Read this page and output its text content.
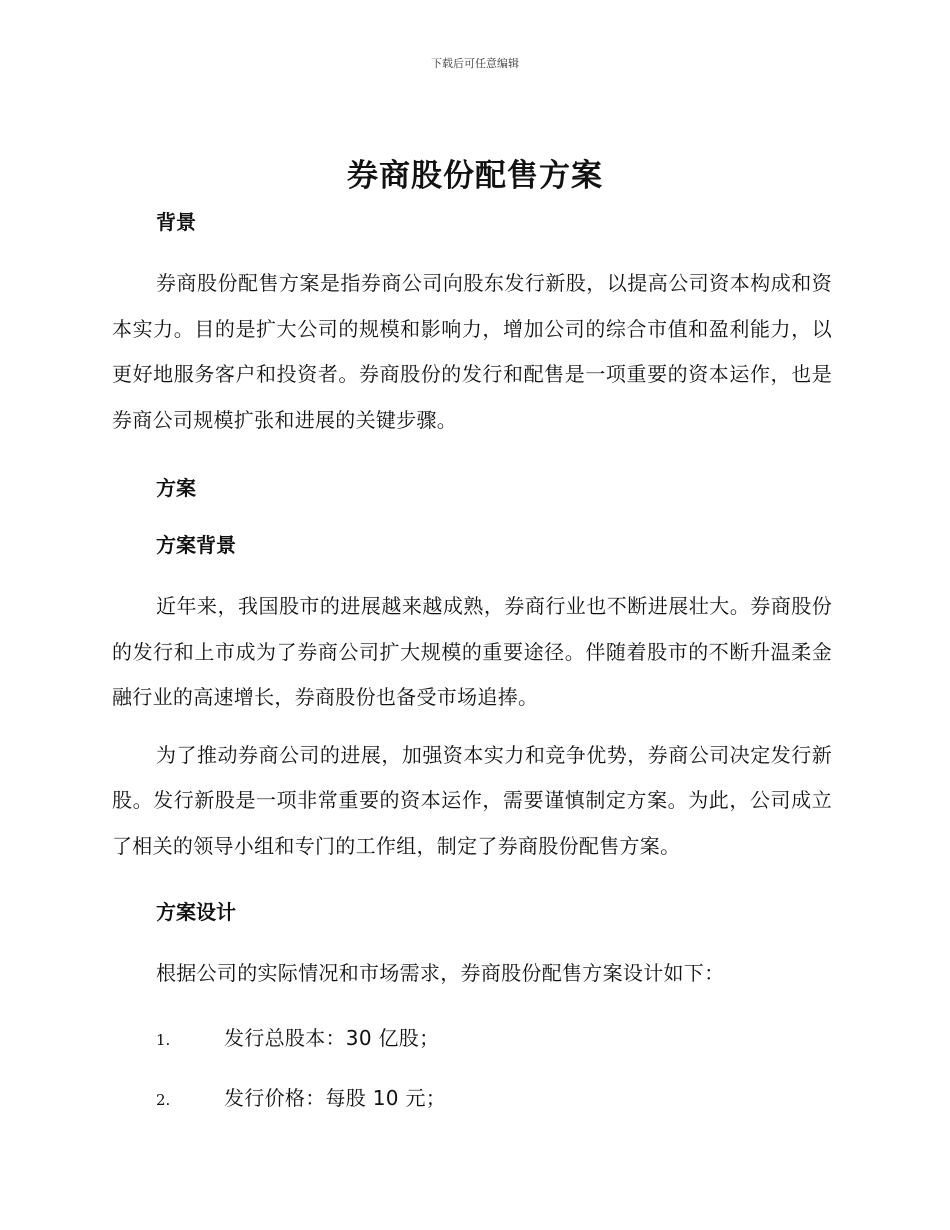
下载后可任意编辑
券商股份配售方案
背景
券商股份配售方案是指券商公司向股东发行新股，以提高公司资本构成和资本实力。目的是扩大公司的规模和影响力，增加公司的综合市值和盈利能力，以更好地服务客户和投资者。券商股份的发行和配售是一项重要的资本运作，也是券商公司规模扩张和进展的关键步骤。
方案
方案背景
近年来，我国股市的进展越来越成熟，券商行业也不断进展壮大。券商股份的发行和上市成为了券商公司扩大规模的重要途径。伴随着股市的不断升温柔金融行业的高速增长，券商股份也备受市场追捧。
为了推动券商公司的进展，加强资本实力和竞争优势，券商公司决定发行新股。发行新股是一项非常重要的资本运作，需要谨慎制定方案。为此，公司成立了相关的领导小组和专门的工作组，制定了券商股份配售方案。
方案设计
根据公司的实际情况和市场需求，券商股份配售方案设计如下：
1.	发行总股本：30 亿股；
2.	发行价格：每股 10 元；
